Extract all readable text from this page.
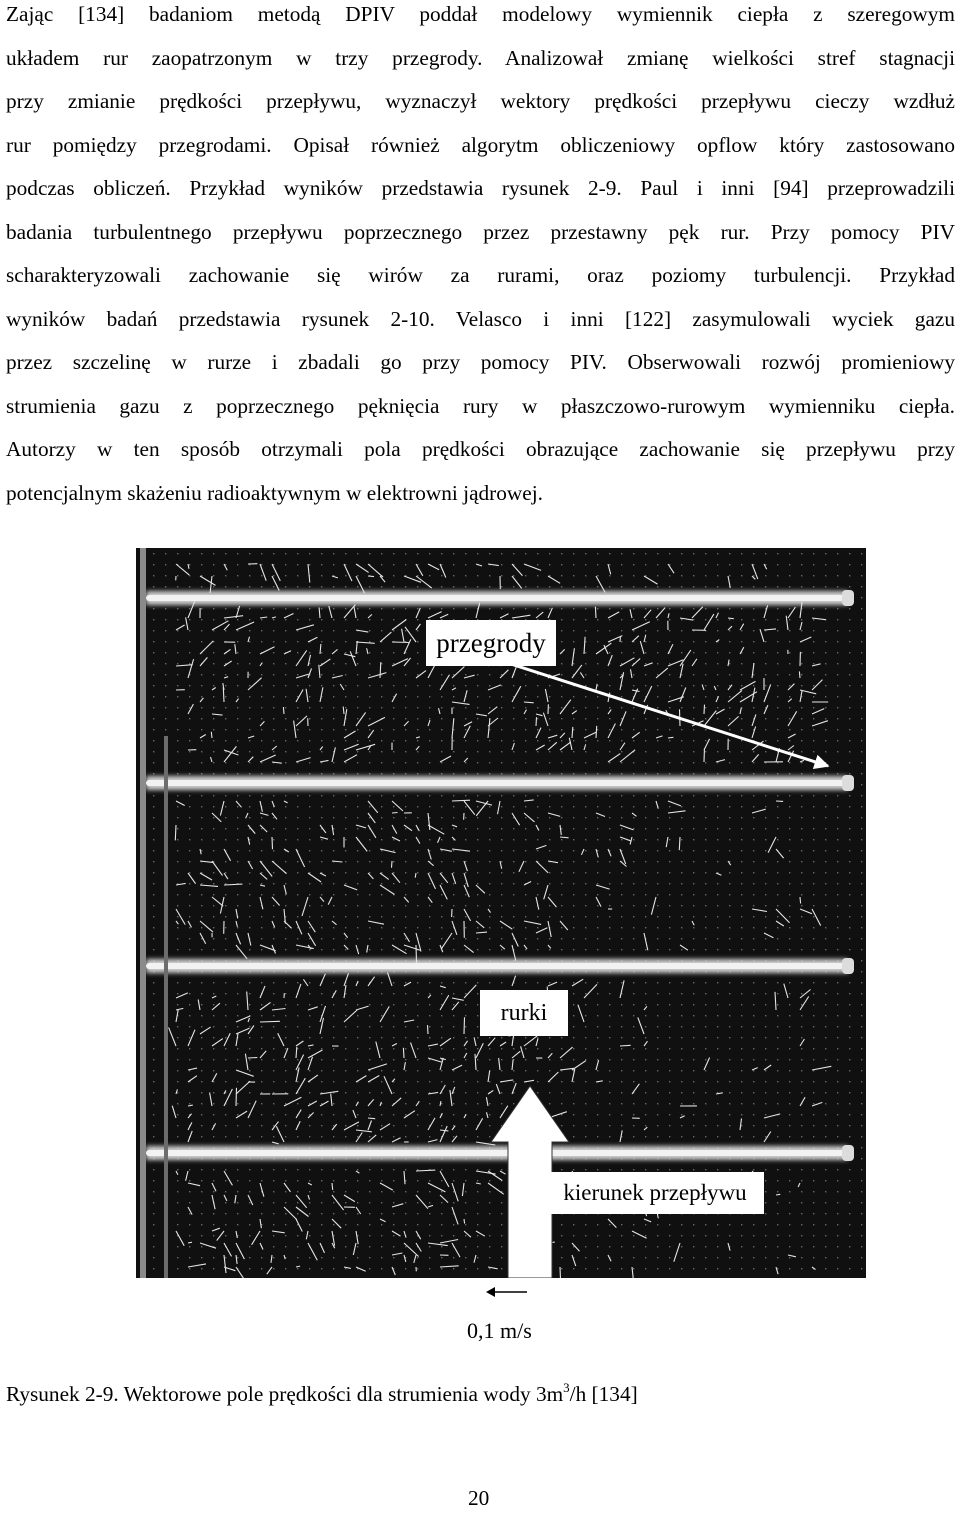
Zając [134] badaniom metodą DPIV poddał modelowy wymiennik ciepła z szeregowym
układem rur zaopatrzonym w trzy przegrody. Analizował zmianę wielkości stref stagnacji
przy zmianie prędkości przepływu, wyznaczył wektory prędkości przepływu cieczy wzdłuż
rur pomiędzy przegrodami. Opisał również algorytm obliczeniowy opflow który zastosowano
podczas obliczeń. Przykład wyników przedstawia rysunek 2-9. Paul i inni [94] przeprowadzili
badania turbulentnego przepływu poprzecznego przez przestawny pęk rur. Przy pomocy PIV
scharakteryzowali zachowanie się wirów za rurami, oraz poziomy turbulencji. Przykład
wyników badań przedstawia rysunek 2-10. Velasco i inni [122] zasymulowali wyciek gazu
przez szczelinę w rurze i zbadali go przy pomocy PIV. Obserwowali rozwój promieniowy
strumienia gazu z poprzecznego pęknięcia rury w płaszczowo-rurowym wymienniku ciepła.
Autorzy w ten sposób otrzymali pola prędkości obrazujące zachowanie się przepływu przy
potencjalnym skażeniu radioaktywnym w elektrowni jądrowej.
przegrody
rurki
kierunek przepływu
0,1 m/s
Rysunek 2-9. Wektorowe pole prędkości dla strumienia wody $3m^3/h$ [134]
20
